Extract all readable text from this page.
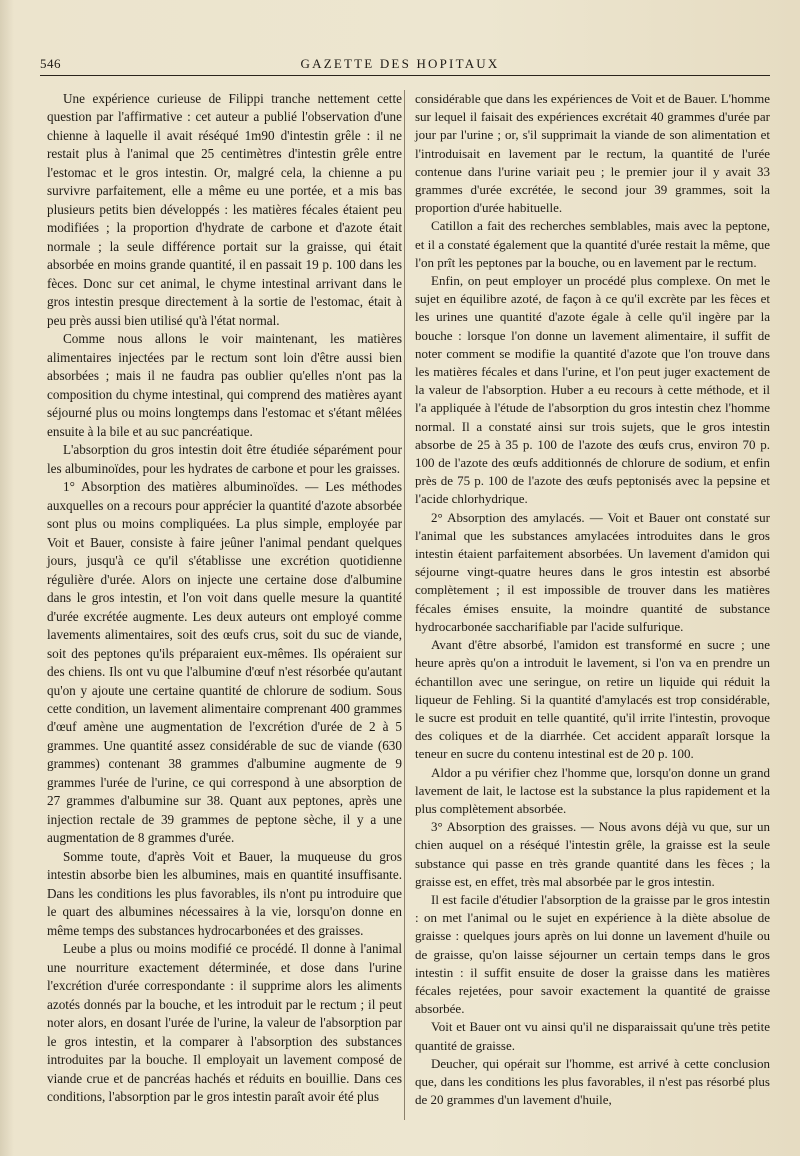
546	GAZETTE DES HOPITAUX

Une expérience curieuse de Filippi tranche nettement cette question par l'affirmative : cet auteur a publié l'observation d'une chienne à laquelle il avait réséqué 1m90 d'intestin grêle : il ne restait plus à l'animal que 25 centimètres d'intestin grêle entre l'estomac et le gros intestin. Or, malgré cela, la chienne a pu survivre parfaitement, elle a même eu une portée, et a mis bas plusieurs petits bien développés : les matières fécales étaient peu modifiées ; la proportion d'hydrate de carbone et d'azote était normale ; la seule différence portait sur la graisse, qui était absorbée en moins grande quantité, il en passait 19 p. 100 dans les fèces. Donc sur cet animal, le chyme intestinal arrivant dans le gros intestin presque directement à la sortie de l'estomac, était à peu près aussi bien utilisé qu'à l'état normal.

Comme nous allons le voir maintenant, les matières alimentaires injectées par le rectum sont loin d'être aussi bien absorbées ; mais il ne faudra pas oublier qu'elles n'ont pas la composition du chyme intestinal, qui comprend des matières ayant séjourné plus ou moins longtemps dans l'estomac et s'étant mêlées ensuite à la bile et au suc pancréatique.

L'absorption du gros intestin doit être étudiée séparément pour les albuminoïdes, pour les hydrates de carbone et pour les graisses.

1° Absorption des matières albuminoïdes. — Les méthodes auxquelles on a recours pour apprécier la quantité d'azote absorbée sont plus ou moins compliquées. La plus simple, employée par Voit et Bauer, consiste à faire jeûner l'animal pendant quelques jours, jusqu'à ce qu'il s'établisse une excrétion quotidienne régulière d'urée. Alors on injecte une certaine dose d'albumine dans le gros intestin, et l'on voit dans quelle mesure la quantité d'urée excrétée augmente. Les deux auteurs ont employé comme lavements alimentaires, soit des œufs crus, soit du suc de viande, soit des peptones qu'ils préparaient eux-mêmes. Ils opéraient sur des chiens. Ils ont vu que l'albumine d'œuf n'est résorbée qu'autant qu'on y ajoute une certaine quantité de chlorure de sodium. Sous cette condition, un lavement alimentaire comprenant 400 grammes d'œuf amène une augmentation de l'excrétion d'urée de 2 à 5 grammes. Une quantité assez considérable de suc de viande (630 grammes) contenant 38 grammes d'albumine augmente de 9 grammes l'urée de l'urine, ce qui correspond à une absorption de 27 grammes d'albumine sur 38. Quant aux peptones, après une injection rectale de 39 grammes de peptone sèche, il y a une augmentation de 8 grammes d'urée.

Somme toute, d'après Voit et Bauer, la muqueuse du gros intestin absorbe bien les albumines, mais en quantité insuffisante. Dans les conditions les plus favorables, ils n'ont pu introduire que le quart des albumines nécessaires à la vie, lorsqu'on donne en même temps des substances hydrocarbonées et des graisses.

Leube a plus ou moins modifié ce procédé. Il donne à l'animal une nourriture exactement déterminée, et dose dans l'urine l'excrétion d'urée correspondante : il supprime alors les aliments azotés donnés par la bouche, et les introduit par le rectum ; il peut noter alors, en dosant l'urée de l'urine, la valeur de l'absorption par le gros intestin, et la comparer à l'absorption des substances introduites par la bouche. Il employait un lavement composé de viande crue et de pancréas hachés et réduits en bouillie. Dans ces conditions, l'absorption par le gros intestin paraît avoir été plus

considérable que dans les expériences de Voit et de Bauer. L'homme sur lequel il faisait des expériences excrétait 40 grammes d'urée par jour par l'urine ; or, s'il supprimait la viande de son alimentation et l'introduisait en lavement par le rectum, la quantité de l'urée contenue dans l'urine variait peu ; le premier jour il y avait 33 grammes d'urée excrétée, le second jour 39 grammes, soit la proportion d'urée habituelle.

Catillon a fait des recherches semblables, mais avec la peptone, et il a constaté également que la quantité d'urée restait la même, que l'on prît les peptones par la bouche, ou en lavement par le rectum.

Enfin, on peut employer un procédé plus complexe. On met le sujet en équilibre azoté, de façon à ce qu'il excrète par les fèces et les urines une quantité d'azote égale à celle qu'il ingère par la bouche : lorsque l'on donne un lavement alimentaire, il suffit de noter comment se modifie la quantité d'azote que l'on trouve dans les matières fécales et dans l'urine, et l'on peut juger exactement de la valeur de l'absorption. Huber a eu recours à cette méthode, et il l'a appliquée à l'étude de l'absorption du gros intestin chez l'homme normal. Il a constaté ainsi sur trois sujets, que le gros intestin absorbe de 25 à 35 p. 100 de l'azote des œufs crus, environ 70 p. 100 de l'azote des œufs additionnés de chlorure de sodium, et enfin près de 75 p. 100 de l'azote des œufs peptonisés avec la pepsine et l'acide chlorhydrique.

2° Absorption des amylacés. — Voit et Bauer ont constaté sur l'animal que les substances amylacées introduites dans le gros intestin étaient parfaitement absorbées. Un lavement d'amidon qui séjourne vingt-quatre heures dans le gros intestin est absorbé complètement ; il est impossible de trouver dans les matières fécales émises ensuite, la moindre quantité de substance hydrocarbonée saccharifiable par l'acide sulfurique.

Avant d'être absorbé, l'amidon est transformé en sucre ; une heure après qu'on a introduit le lavement, si l'on va en prendre un échantillon avec une seringue, on retire un liquide qui réduit la liqueur de Fehling. Si la quantité d'amylacés est trop considérable, le sucre est produit en telle quantité, qu'il irrite l'intestin, provoque des coliques et de la diarrhée. Cet accident apparaît lorsque la teneur en sucre du contenu intestinal est de 20 p. 100.

Aldor a pu vérifier chez l'homme que, lorsqu'on donne un grand lavement de lait, le lactose est la substance la plus rapidement et la plus complètement absorbée.

3° Absorption des graisses. — Nous avons déjà vu que, sur un chien auquel on a réséqué l'intestin grêle, la graisse est la seule substance qui passe en très grande quantité dans les fèces ; la graisse est, en effet, très mal absorbée par le gros intestin.

Il est facile d'étudier l'absorption de la graisse par le gros intestin : on met l'animal ou le sujet en expérience à la diète absolue de graisse : quelques jours après on lui donne un lavement d'huile ou de graisse, qu'on laisse séjourner un certain temps dans le gros intestin : il suffit ensuite de doser la graisse dans les matières fécales rejetées, pour savoir exactement la quantité de graisse absorbée.

Voit et Bauer ont vu ainsi qu'il ne disparaissait qu'une très petite quantité de graisse.

Deucher, qui opérait sur l'homme, est arrivé à cette conclusion que, dans les conditions les plus favorables, il n'est pas résorbé plus de 20 grammes d'un lavement d'huile,
